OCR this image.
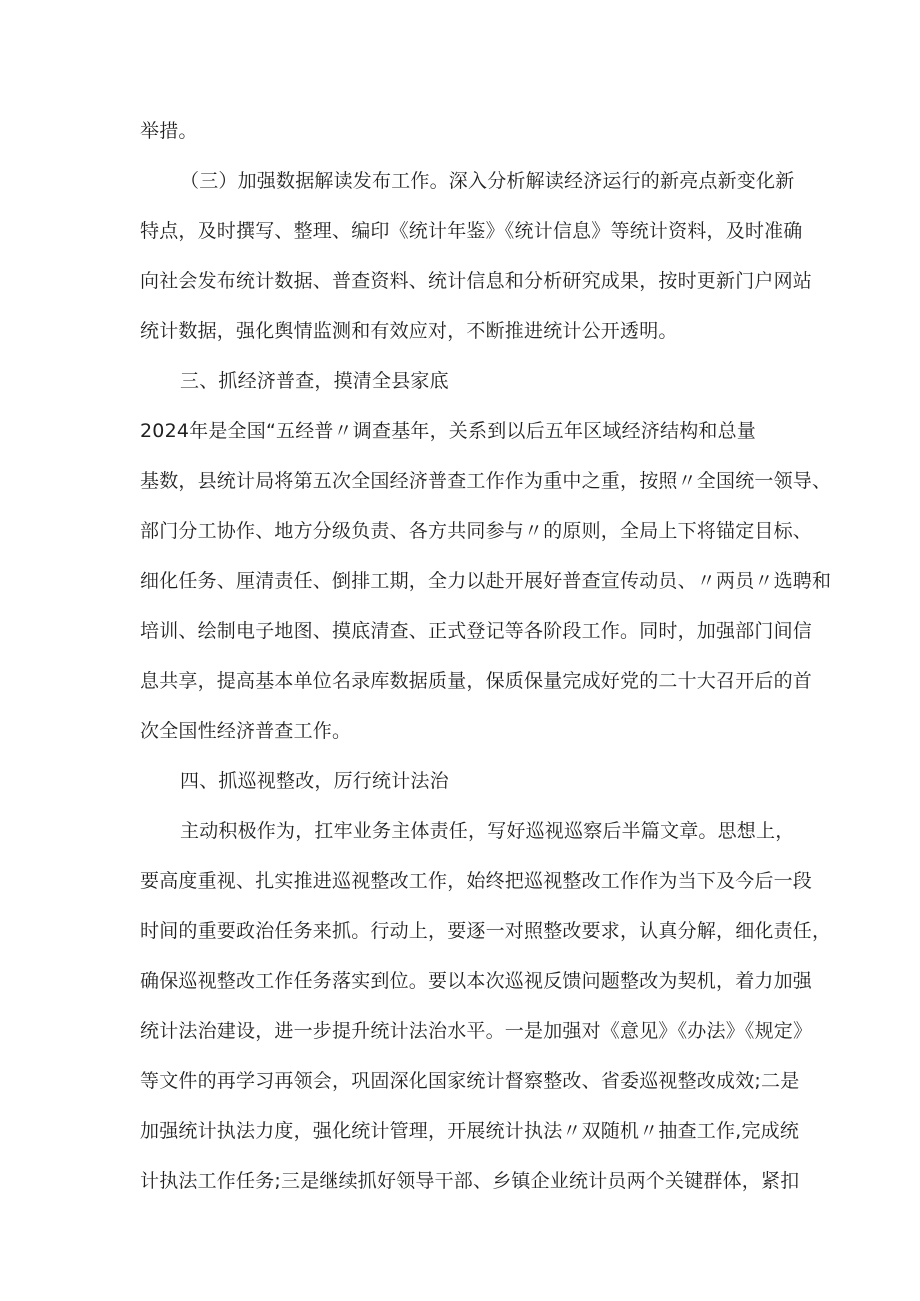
举措。
（三）加强数据解读发布工作。深入分析解读经济运行的新亮点新变化新
特点，及时撰写、整理、编印《统计年鉴》《统计信息》等统计资料，及时准确
向社会发布统计数据、普查资料、统计信息和分析研究成果，按时更新门户网站
统计数据，强化舆情监测和有效应对，不断推进统计公开透明。
三、抓经济普查，摸清全县家底
2024年是全国“五经普〃调查基年，关系到以后五年区域经济结构和总量
基数，县统计局将第五次全国经济普查工作作为重中之重，按照〃全国统一领导、
部门分工协作、地方分级负责、各方共同参与〃的原则，全局上下将锚定目标、
细化任务、厘清责任、倒排工期，全力以赴开展好普查宣传动员、〃两员〃选聘和
培训、绘制电子地图、摸底清查、正式登记等各阶段工作。同时，加强部门间信
息共享，提高基本单位名录库数据质量，保质保量完成好党的二十大召开后的首
次全国性经济普查工作。
四、抓巡视整改，厉行统计法治
主动积极作为，扛牢业务主体责任，写好巡视巡察后半篇文章。思想上，
要高度重视、扎实推进巡视整改工作，始终把巡视整改工作作为当下及今后一段
时间的重要政治任务来抓。行动上，要逐一对照整改要求，认真分解，细化责任，
确保巡视整改工作任务落实到位。要以本次巡视反馈问题整改为契机，着力加强
统计法治建设，进一步提升统计法治水平。一是加强对《意见》《办法》《规定》
等文件的再学习再领会，巩固深化国家统计督察整改、省委巡视整改成效;二是
加强统计执法力度，强化统计管理，开展统计执法〃双随机〃抽查工作,完成统
计执法工作任务;三是继续抓好领导干部、乡镇企业统计员两个关键群体，紧扣
